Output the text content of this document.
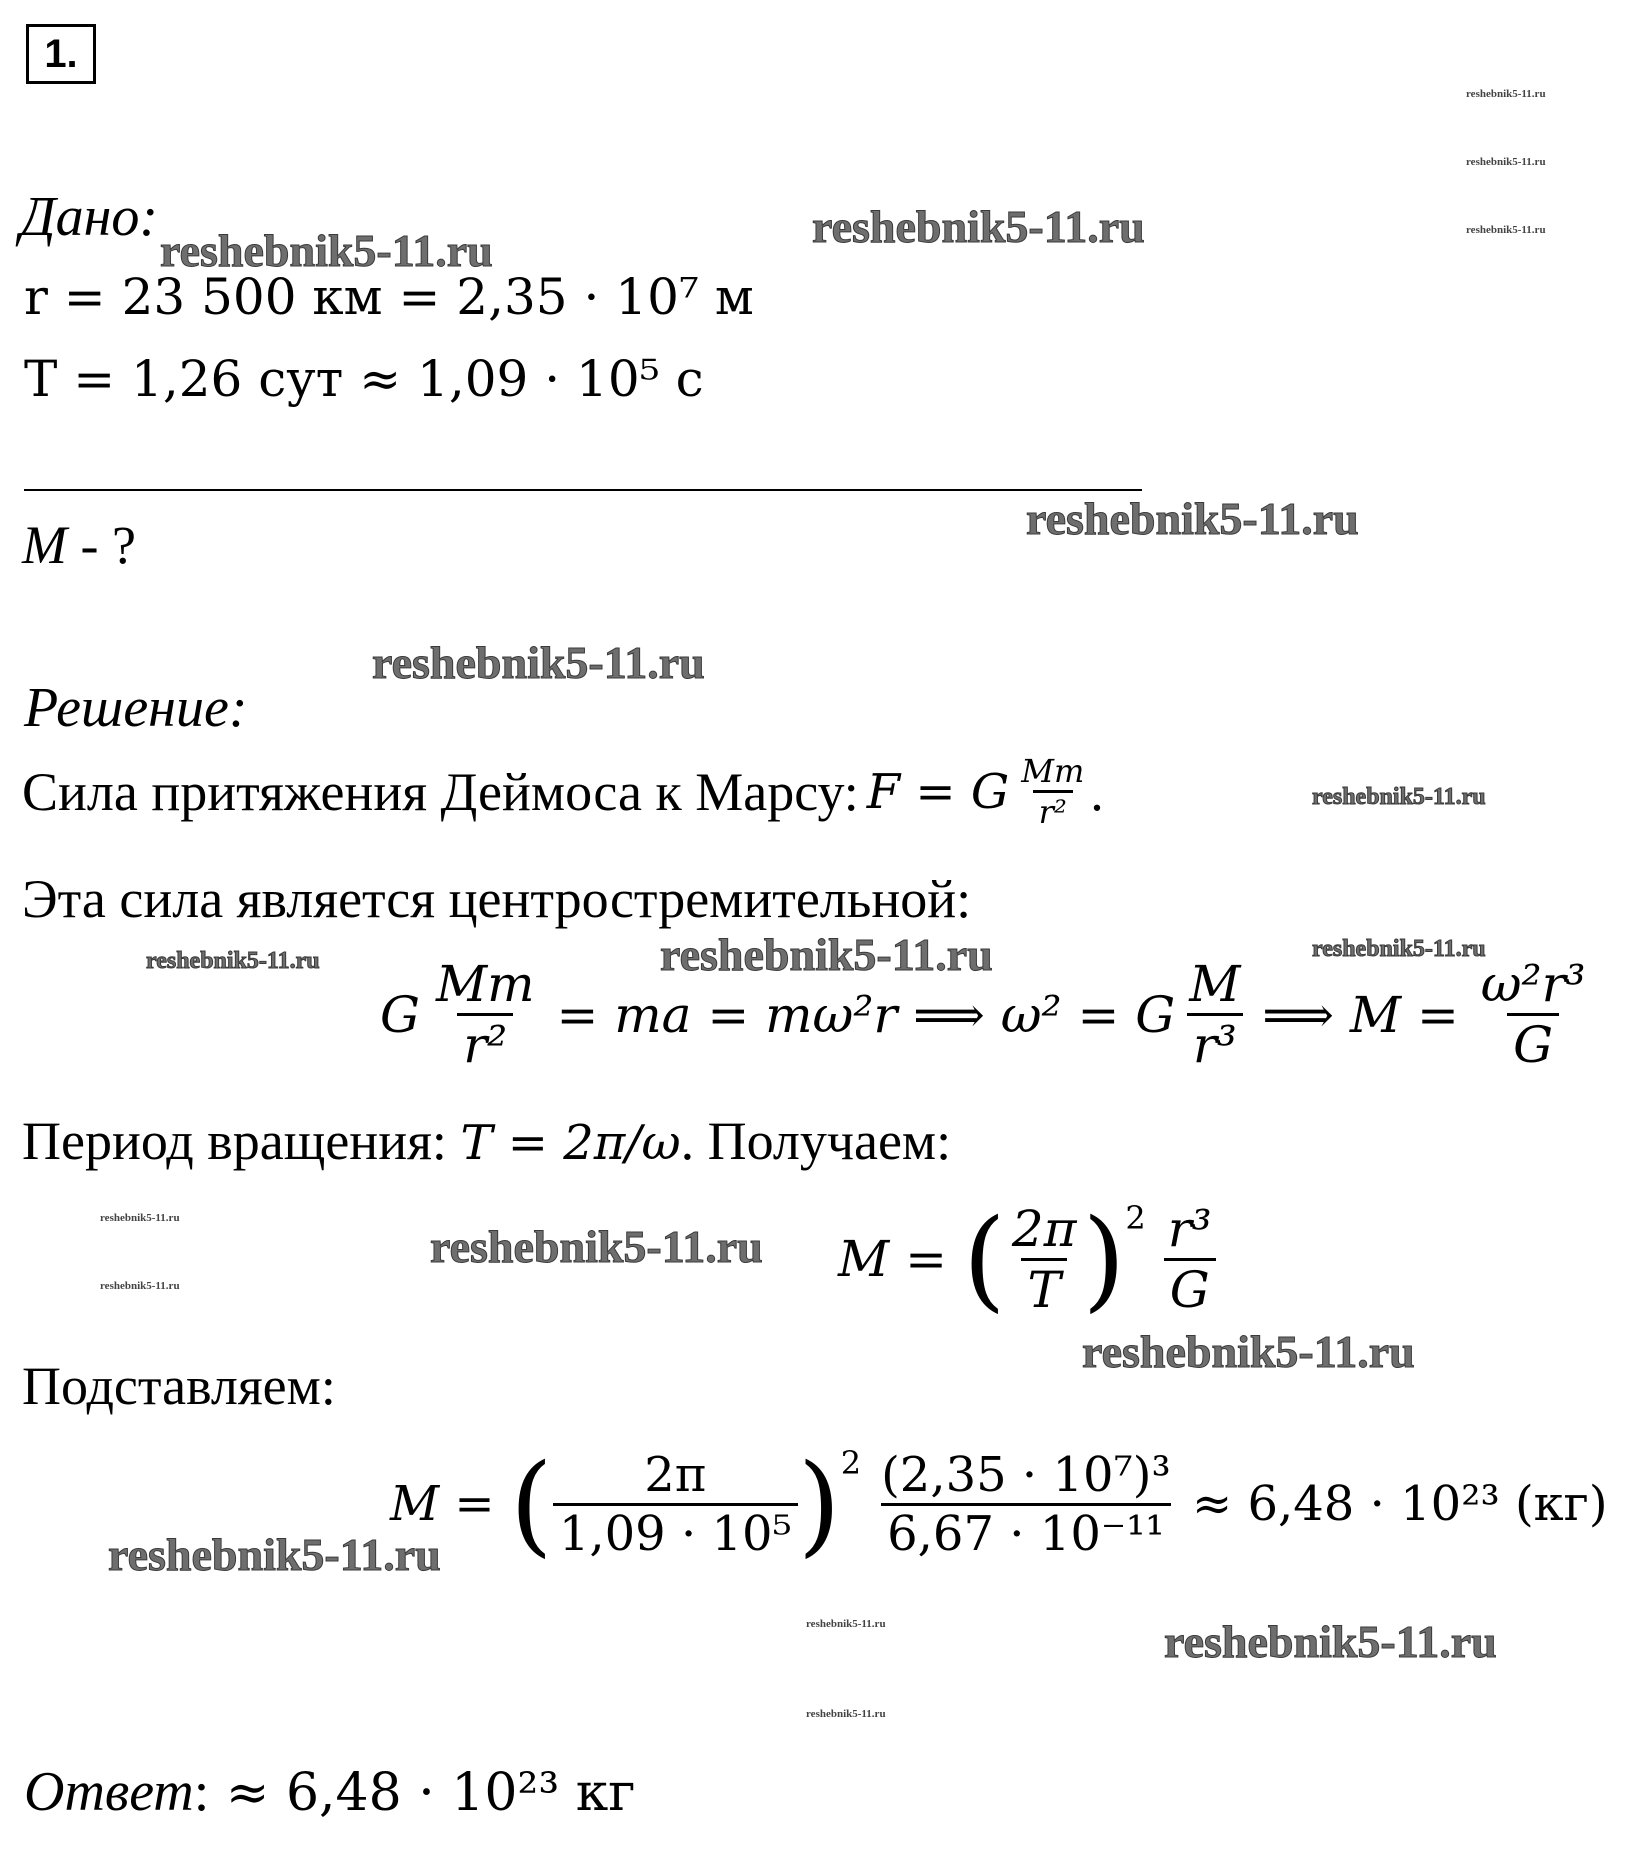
1.
Дано:
r = 23 500 км = 2,35 · 10⁷ м
T = 1,26 сут ≈ 1,09 · 10⁵ с
M - ?
Решение:
Сила притяжения Деймоса к Марсу: F = G $\frac{Mm}{\text{r²}}$ .
Эта сила является центростремительной:
G $\frac{Mm}{\text{r²}}$ = ma = mω²r ⟹ ω² = G $\frac{M}{\text{r³}}$ ⟹ $M = \frac{\text{ω²r³}}{G}$
Период вращения: T = 2π/ω. Получаем:
M = ( $\frac{2\pi}{T}$ ) $2 \frac{\text{r³}}{G}$
Подставляем:
M = ( $\frac{2\pi}{\text{1,09 · 10⁵}}$ ) $2 \frac{\text{(2,35 · 10⁷)³}}{\text{6,67 · 10⁻¹¹}} \approx 6,48 \cdot 10^{23}$ (кг)
Ответ: ≈ 6,48 · 10²³ кг
reshebnik5-11.ru	reshebnik5-11.ru
reshebnik5-11.ru
reshebnik5-11.ru
reshebnik5-11.ru
reshebnik5-11.ru
reshebnik5-11.ru
reshebnik5-11.ru
reshebnik5-11.ru
reshebnik5-11.ru
reshebnik5-11.ru
reshebnik5-11.ru
reshebnik5-11.ru
reshebnik5-11.ru
reshebnik5-11.ru
reshebnik5-11.ru
reshebnik5-11.ru
reshebnik5-11.ru
reshebnik5-11.ru
